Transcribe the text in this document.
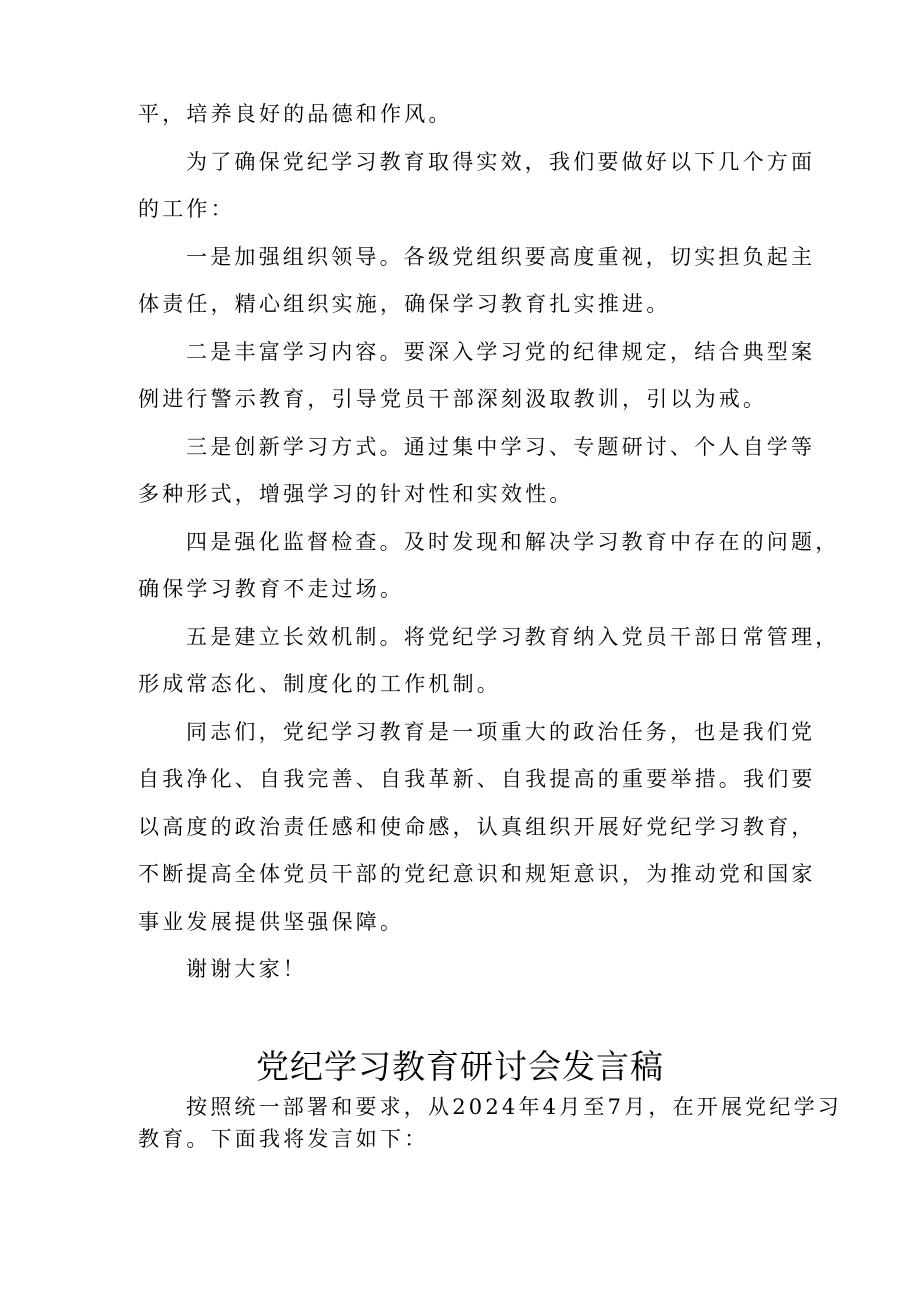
平，培养良好的品德和作风。
为了确保党纪学习教育取得实效，我们要做好以下几个方面
的工作：
一是加强组织领导。各级党组织要高度重视，切实担负起主
体责任，精心组织实施，确保学习教育扎实推进。
二是丰富学习内容。要深入学习党的纪律规定，结合典型案
例进行警示教育，引导党员干部深刻汲取教训，引以为戒。
三是创新学习方式。通过集中学习、专题研讨、个人自学等
多种形式，增强学习的针对性和实效性。
四是强化监督检查。及时发现和解决学习教育中存在的问题，
确保学习教育不走过场。
五是建立长效机制。将党纪学习教育纳入党员干部日常管理，
形成常态化、制度化的工作机制。
同志们，党纪学习教育是一项重大的政治任务，也是我们党
自我净化、自我完善、自我革新、自我提高的重要举措。我们要
以高度的政治责任感和使命感，认真组织开展好党纪学习教育，
不断提高全体党员干部的党纪意识和规矩意识，为推动党和国家
事业发展提供坚强保障。
谢谢大家！
党纪学习教育研讨会发言稿
按照统一部署和要求，从2024年4月至7月，在开展党纪学习
教育。下面我将发言如下：
